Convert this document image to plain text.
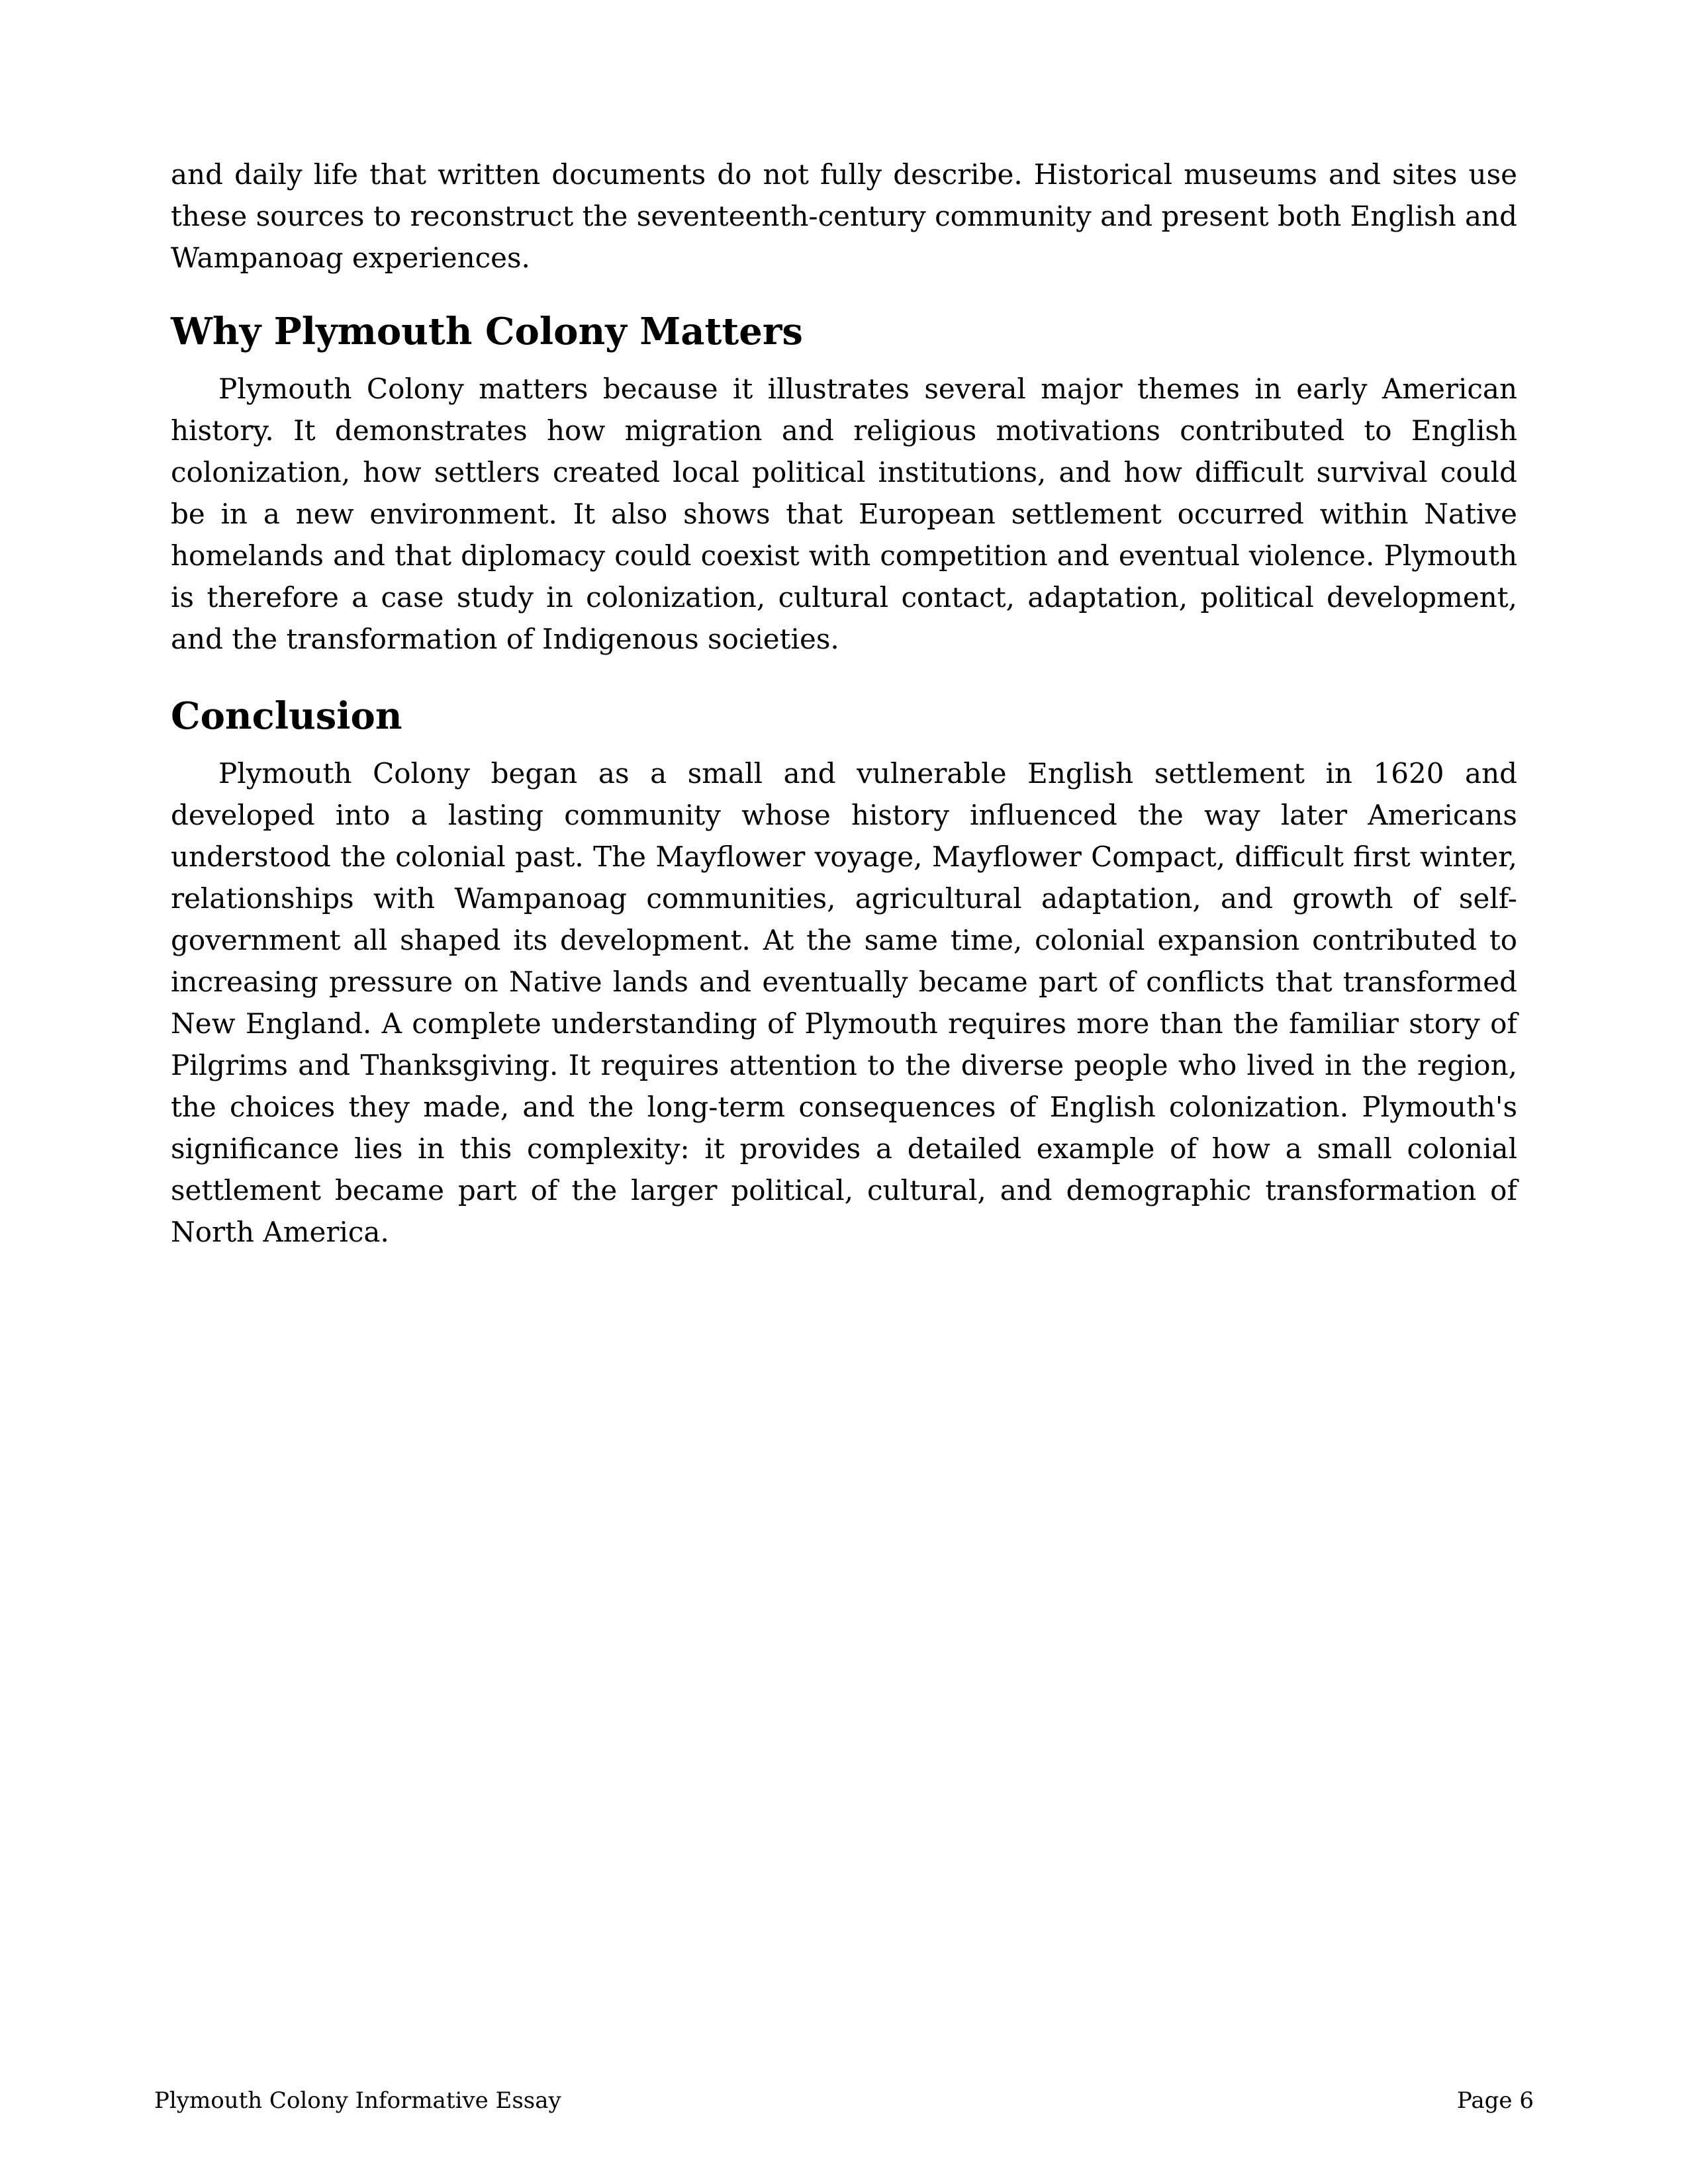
and daily life that written documents do not fully describe. Historical museums and sites use these sources to reconstruct the seventeenth-century community and present both English and Wampanoag experiences.

Why Plymouth Colony Matters

Plymouth Colony matters because it illustrates several major themes in early American history. It demonstrates how migration and religious motivations contributed to English colonization, how settlers created local political institutions, and how difficult survival could be in a new environment. It also shows that European settlement occurred within Native homelands and that diplomacy could coexist with competition and eventual violence. Plymouth is therefore a case study in colonization, cultural contact, adaptation, political development, and the transformation of Indigenous societies.

Conclusion

Plymouth Colony began as a small and vulnerable English settlement in 1620 and developed into a lasting community whose history influenced the way later Americans understood the colonial past. The Mayflower voyage, Mayflower Compact, difficult first winter, relationships with Wampanoag communities, agricultural adaptation, and growth of self-government all shaped its development. At the same time, colonial expansion contributed to increasing pressure on Native lands and eventually became part of conflicts that transformed New England. A complete understanding of Plymouth requires more than the familiar story of Pilgrims and Thanksgiving. It requires attention to the diverse people who lived in the region, the choices they made, and the long-term consequences of English colonization. Plymouth's significance lies in this complexity: it provides a detailed example of how a small colonial settlement became part of the larger political, cultural, and demographic transformation of North America.

Plymouth Colony Informative Essay	Page 6
